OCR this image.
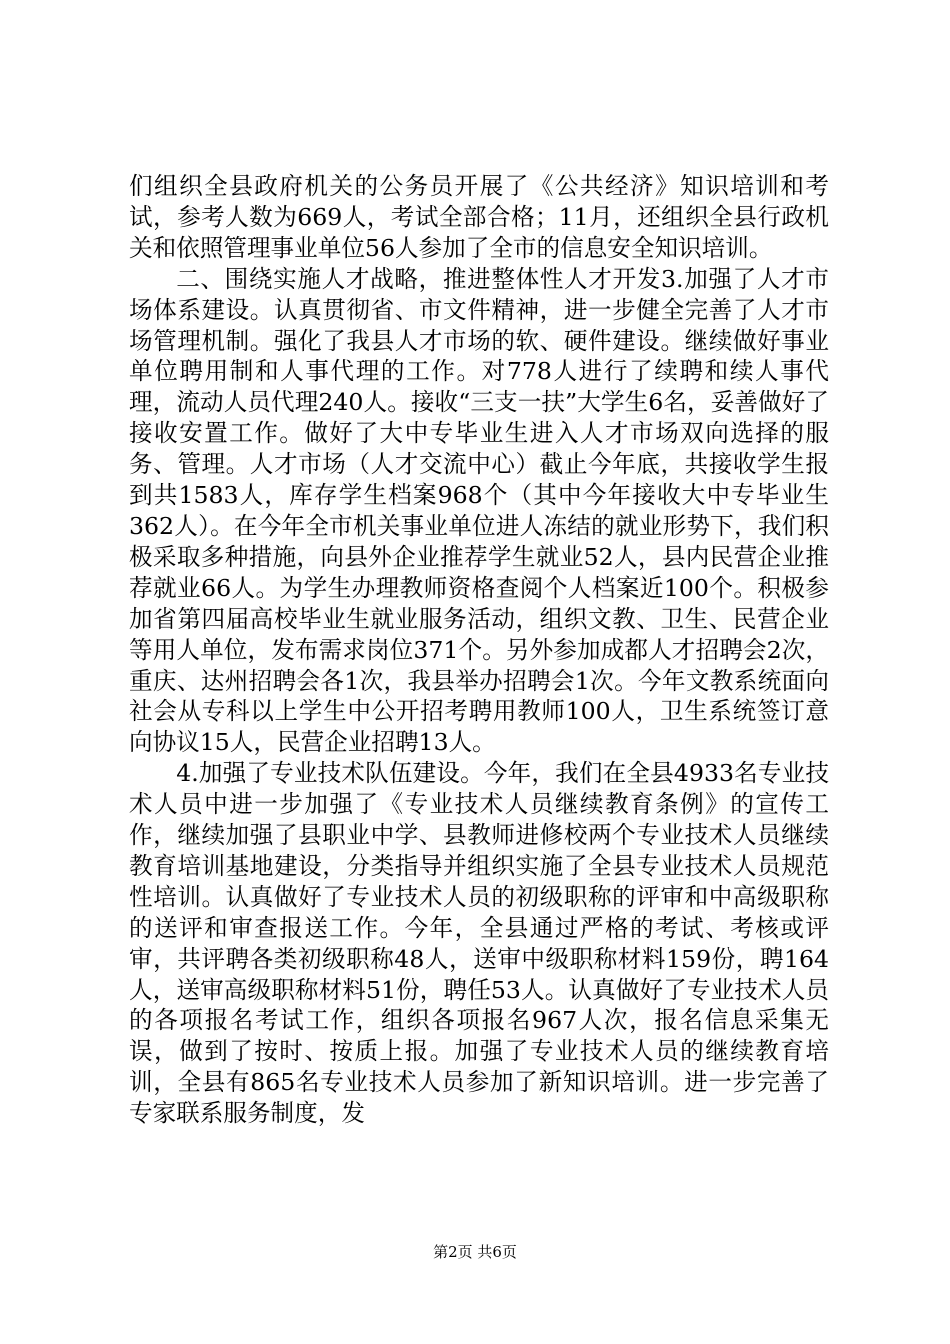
们组织全县政府机关的公务员开展了《公共经济》知识培训和考试，参考人数为669人，考试全部合格；11月，还组织全县行政机关和依照管理事业单位56人参加了全市的信息安全知识培训。

二、围绕实施人才战略，推进整体性人才开发3.加强了人才市场体系建设。认真贯彻省、市文件精神，进一步健全完善了人才市场管理机制。强化了我县人才市场的软、硬件建设。继续做好事业单位聘用制和人事代理的工作。对778人进行了续聘和续人事代理，流动人员代理240人。接收“三支一扶”大学生6名，妥善做好了接收安置工作。做好了大中专毕业生进入人才市场双向选择的服务、管理。人才市场（人才交流中心）截止今年底，共接收学生报到共1583人，库存学生档案968个（其中今年接收大中专毕业生362人）。在今年全市机关事业单位进人冻结的就业形势下，我们积极采取多种措施，向县外企业推荐学生就业52人，县内民营企业推荐就业66人。为学生办理教师资格查阅个人档案近100个。积极参加省第四届高校毕业生就业服务活动，组织文教、卫生、民营企业等用人单位，发布需求岗位371个。另外参加成都人才招聘会2次，重庆、达州招聘会各1次，我县举办招聘会1次。今年文教系统面向社会从专科以上学生中公开招考聘用教师100人，卫生系统签订意向协议15人，民营企业招聘13人。

4.加强了专业技术队伍建设。今年，我们在全县4933名专业技术人员中进一步加强了《专业技术人员继续教育条例》的宣传工作，继续加强了县职业中学、县教师进修校两个专业技术人员继续教育培训基地建设，分类指导并组织实施了全县专业技术人员规范性培训。认真做好了专业技术人员的初级职称的评审和中高级职称的送评和审查报送工作。今年，全县通过严格的考试、考核或评审，共评聘各类初级职称48人，送审中级职称材料159份，聘164人，送审高级职称材料51份，聘任53人。认真做好了专业技术人员的各项报名考试工作，组织各项报名967人次，报名信息采集无误，做到了按时、按质上报。加强了专业技术人员的继续教育培训，全县有865名专业技术人员参加了新知识培训。进一步完善了专家联系服务制度，发

第2页 共6页
